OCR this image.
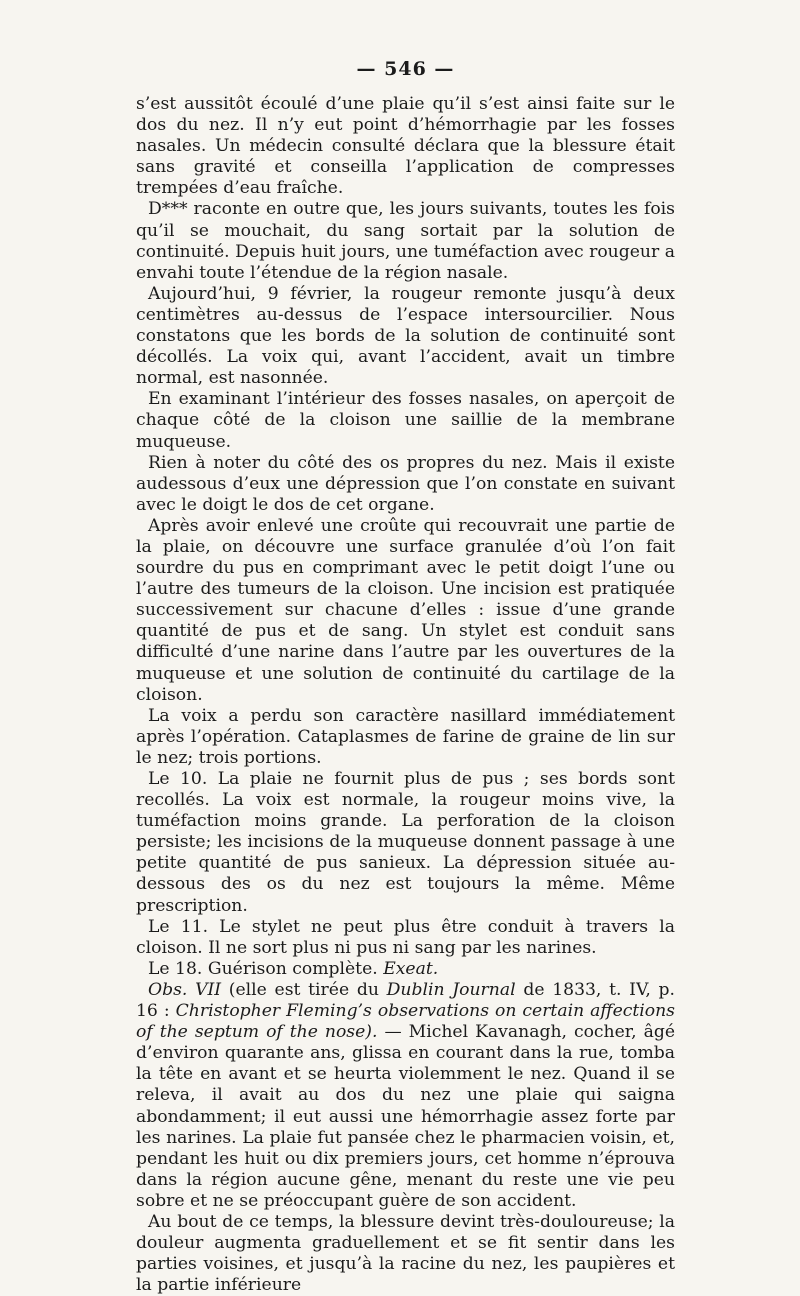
— 546 —

s’est aussitôt écoulé d’une plaie qu’il s’est ainsi faite sur le dos du nez. Il n’y eut point d’hémorrhagie par les fosses nasales. Un médecin consulté déclara que la blessure était sans gravité et conseilla l’application de compresses trempées d’eau fraîche.

D*** raconte en outre que, les jours suivants, toutes les fois qu’il se mouchait, du sang sortait par la solution de continuité. Depuis huit jours, une tuméfaction avec rougeur a envahi toute l’étendue de la région nasale.

Aujourd’hui, 9 février, la rougeur remonte jusqu’à deux centimètres au-dessus de l’espace intersourcilier. Nous constatons que les bords de la solution de continuité sont décollés. La voix qui, avant l’accident, avait un timbre normal, est nasonnée.

En examinant l’intérieur des fosses nasales, on aperçoit de chaque côté de la cloison une saillie de la membrane muqueuse.

Rien à noter du côté des os propres du nez. Mais il existe audessous d’eux une dépression que l’on constate en suivant avec le doigt le dos de cet organe.

Après avoir enlevé une croûte qui recouvrait une partie de la plaie, on découvre une surface granulée d’où l’on fait sourdre du pus en comprimant avec le petit doigt l’une ou l’autre des tumeurs de la cloison. Une incision est pratiquée successivement sur chacune d’elles : issue d’une grande quantité de pus et de sang. Un stylet est conduit sans difficulté d’une narine dans l’autre par les ouvertures de la muqueuse et une solution de continuité du cartilage de la cloison.

La voix a perdu son caractère nasillard immédiatement après l’opération. Cataplasmes de farine de graine de lin sur le nez; trois portions.

Le 10. La plaie ne fournit plus de pus ; ses bords sont recollés. La voix est normale, la rougeur moins vive, la tuméfaction moins grande. La perforation de la cloison persiste; les incisions de la muqueuse donnent passage à une petite quantité de pus sanieux. La dépression située au-dessous des os du nez est toujours la même. Même prescription.

Le 11. Le stylet ne peut plus être conduit à travers la cloison. Il ne sort plus ni pus ni sang par les narines.

Le 18. Guérison complète. Exeat.

Obs. VII (elle est tirée du Dublin Journal de 1833, t. IV, p. 16 : Christopher Fleming’s observations on certain affections of the septum of the nose). — Michel Kavanagh, cocher, âgé d’environ quarante ans, glissa en courant dans la rue, tomba la tête en avant et se heurta violemment le nez. Quand il se releva, il avait au dos du nez une plaie qui saigna abondamment; il eut aussi une hémorrhagie assez forte par les narines. La plaie fut pansée chez le pharmacien voisin, et, pendant les huit ou dix premiers jours, cet homme n’éprouva dans la région aucune gêne, menant du reste une vie peu sobre et ne se préoccupant guère de son accident.

Au bout de ce temps, la blessure devint très-douloureuse; la douleur augmenta graduellement et se fit sentir dans les parties voisines, et jusqu’à la racine du nez, les paupières et la partie inférieure
